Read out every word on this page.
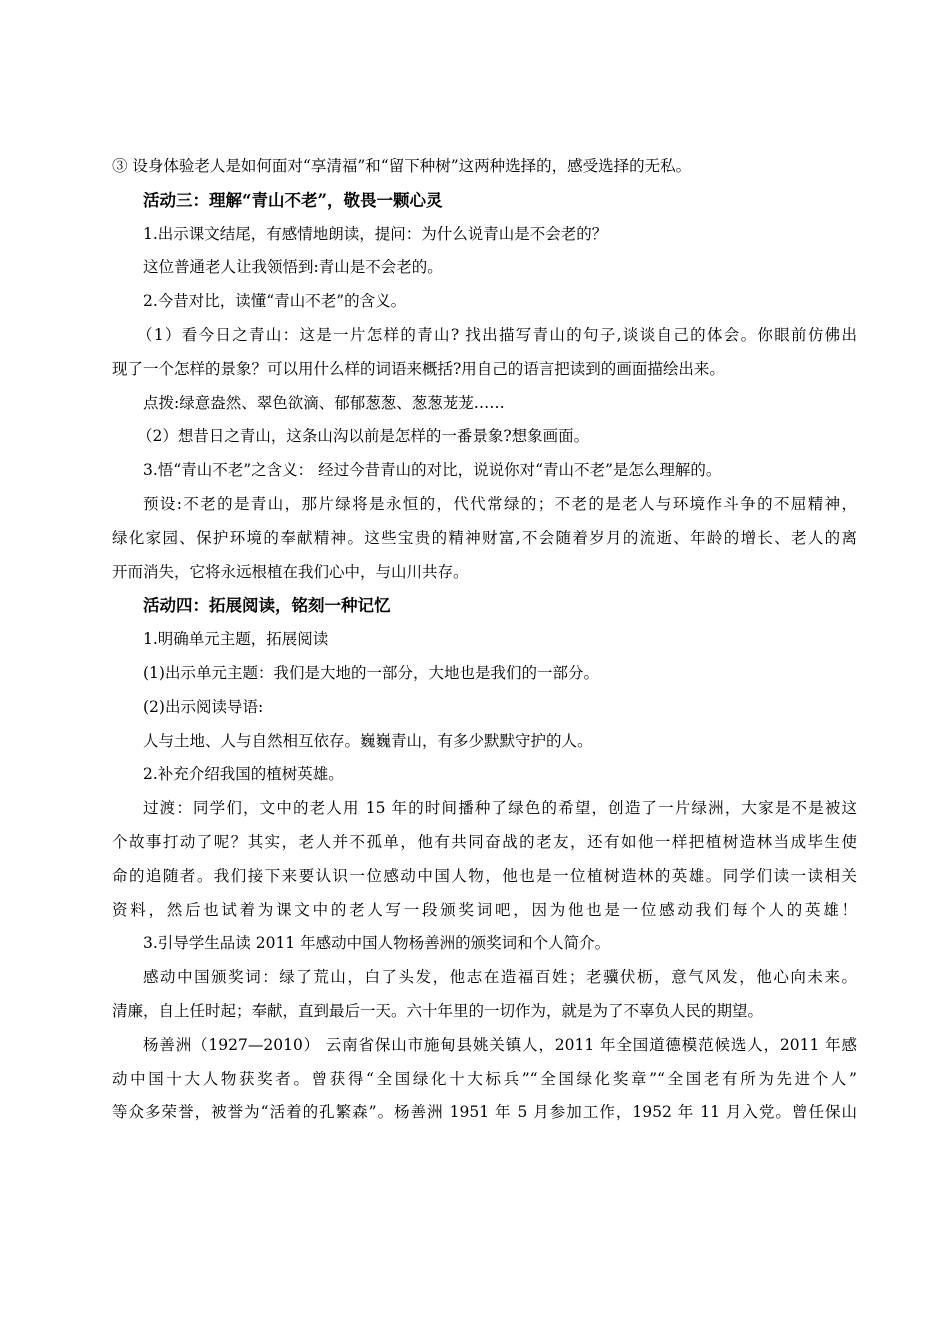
③ 设身体验老人是如何面对“享清福”和“留下种树”这两种选择的，感受选择的无私。
活动三：理解“青山不老”，敬畏一颗心灵
1.出示课文结尾，有感情地朗读，提问：为什么说青山是不会老的？
这位普通老人让我领悟到:青山是不会老的。
2.今昔对比，读懂“青山不老”的含义。
（1）看今日之青山：这是一片怎样的青山? 找出描写青山的句子,谈谈自己的体会。你眼前仿佛出
现了一个怎样的景象？可以用什么样的词语来概括?用自己的语言把读到的画面描绘出来。
点拨:绿意盎然、翠色欲滴、郁郁葱葱、葱葱茏茏……
（2）想昔日之青山，这条山沟以前是怎样的一番景象?想象画面。
3.悟“青山不老”之含义： 经过今昔青山的对比，说说你对“青山不老”是怎么理解的。
预设:不老的是青山，那片绿将是永恒的，代代常绿的；不老的是老人与环境作斗争的不屈精神，
绿化家园、保护环境的奉献精神。这些宝贵的精神财富,不会随着岁月的流逝、年龄的增长、老人的离
开而消失，它将永远根植在我们心中，与山川共存。
活动四：拓展阅读，铭刻一种记忆
1.明确单元主题，拓展阅读
(1)出示单元主题：我们是大地的一部分，大地也是我们的一部分。
(2)出示阅读导语:
人与土地、人与自然相互依存。巍巍青山，有多少默默守护的人。
2.补充介绍我国的植树英雄。
过渡：同学们，文中的老人用 15 年的时间播种了绿色的希望，创造了一片绿洲，大家是不是被这
个故事打动了呢？其实，老人并不孤单，他有共同奋战的老友，还有如他一样把植树造林当成毕生使
命的追随者。我们接下来要认识一位感动中国人物，他也是一位植树造林的英雄。同学们读一读相关
资料，然后也试着为课文中的老人写一段颁奖词吧，因为他也是一位感动我们每个人的英雄！
3.引导学生品读 2011 年感动中国人物杨善洲的颁奖词和个人简介。
感动中国颁奖词：绿了荒山，白了头发，他志在造福百姓；老骥伏枥，意气风发，他心向未来。
清廉，自上任时起；奉献，直到最后一天。六十年里的一切作为，就是为了不辜负人民的期望。
杨善洲（1927—2010） 云南省保山市施甸县姚关镇人，2011 年全国道德模范候选人，2011 年感
动中国十大人物获奖者。曾获得“全国绿化十大标兵”“全国绿化奖章”“全国老有所为先进个人”
等众多荣誉，被誉为“活着的孔繁森”。杨善洲 1951 年 5 月参加工作，1952 年 11 月入党。曾任保山
